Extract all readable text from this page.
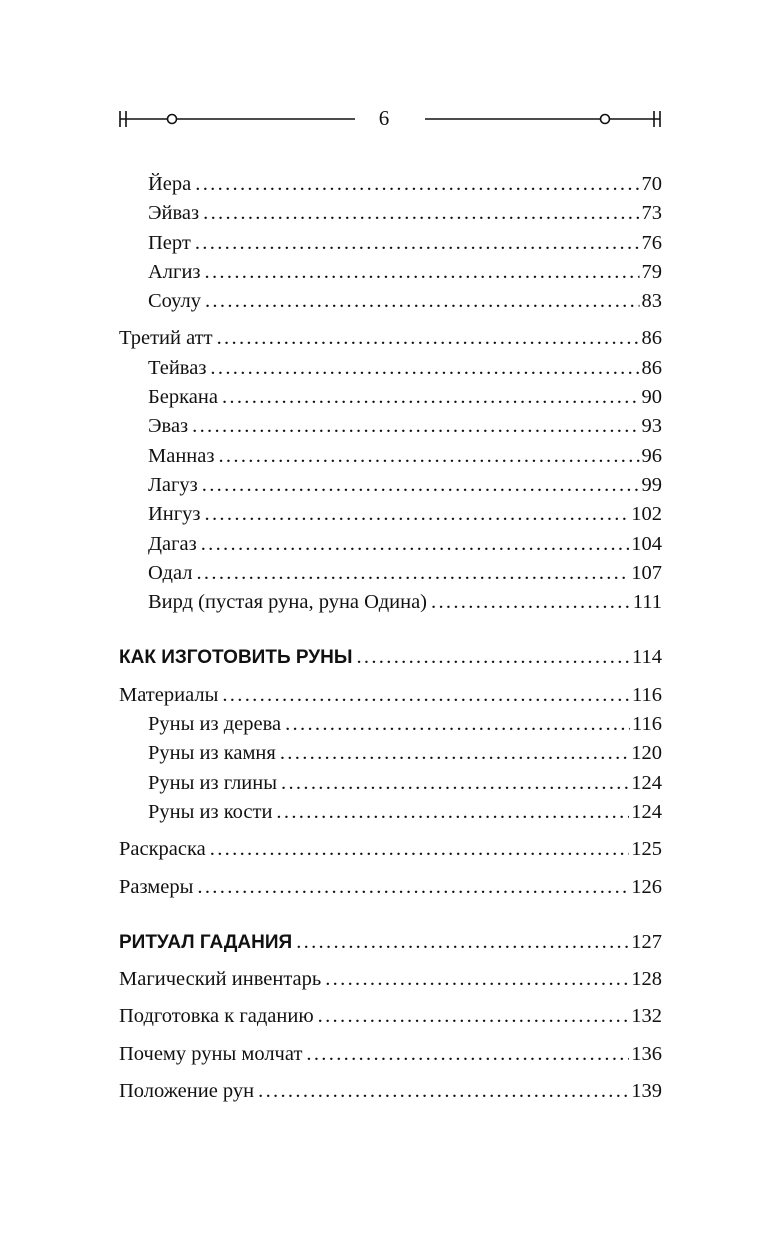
6
Йера . . .	70
Эйваз . . .	73
Перт . . .	76
Алгиз . . .	79
Соулу . . .	83
Третий атт . . .	86
Тейваз . . .	86
Беркана . . .	90
Эваз . . .	93
Манназ . . .	96
Лагуз . . .	99
Ингуз . . .	102
Дагаз . . .	104
Одал . . .	107
Вирд (пустая руна, руна Одина) . . .	111
КАК ИЗГОТОВИТЬ РУНЫ . . .	114
Материалы . . .	116
Руны из дерева . . .	116
Руны из камня . . .	120
Руны из глины . . .	124
Руны из кости . . .	124
Раскраска . . .	125
Размеры . . .	126
РИТУАЛ ГАДАНИЯ . . .	127
Магический инвентарь . . .	128
Подготовка к гаданию . . .	132
Почему руны молчат . . .	136
Положение рун . . .	139
